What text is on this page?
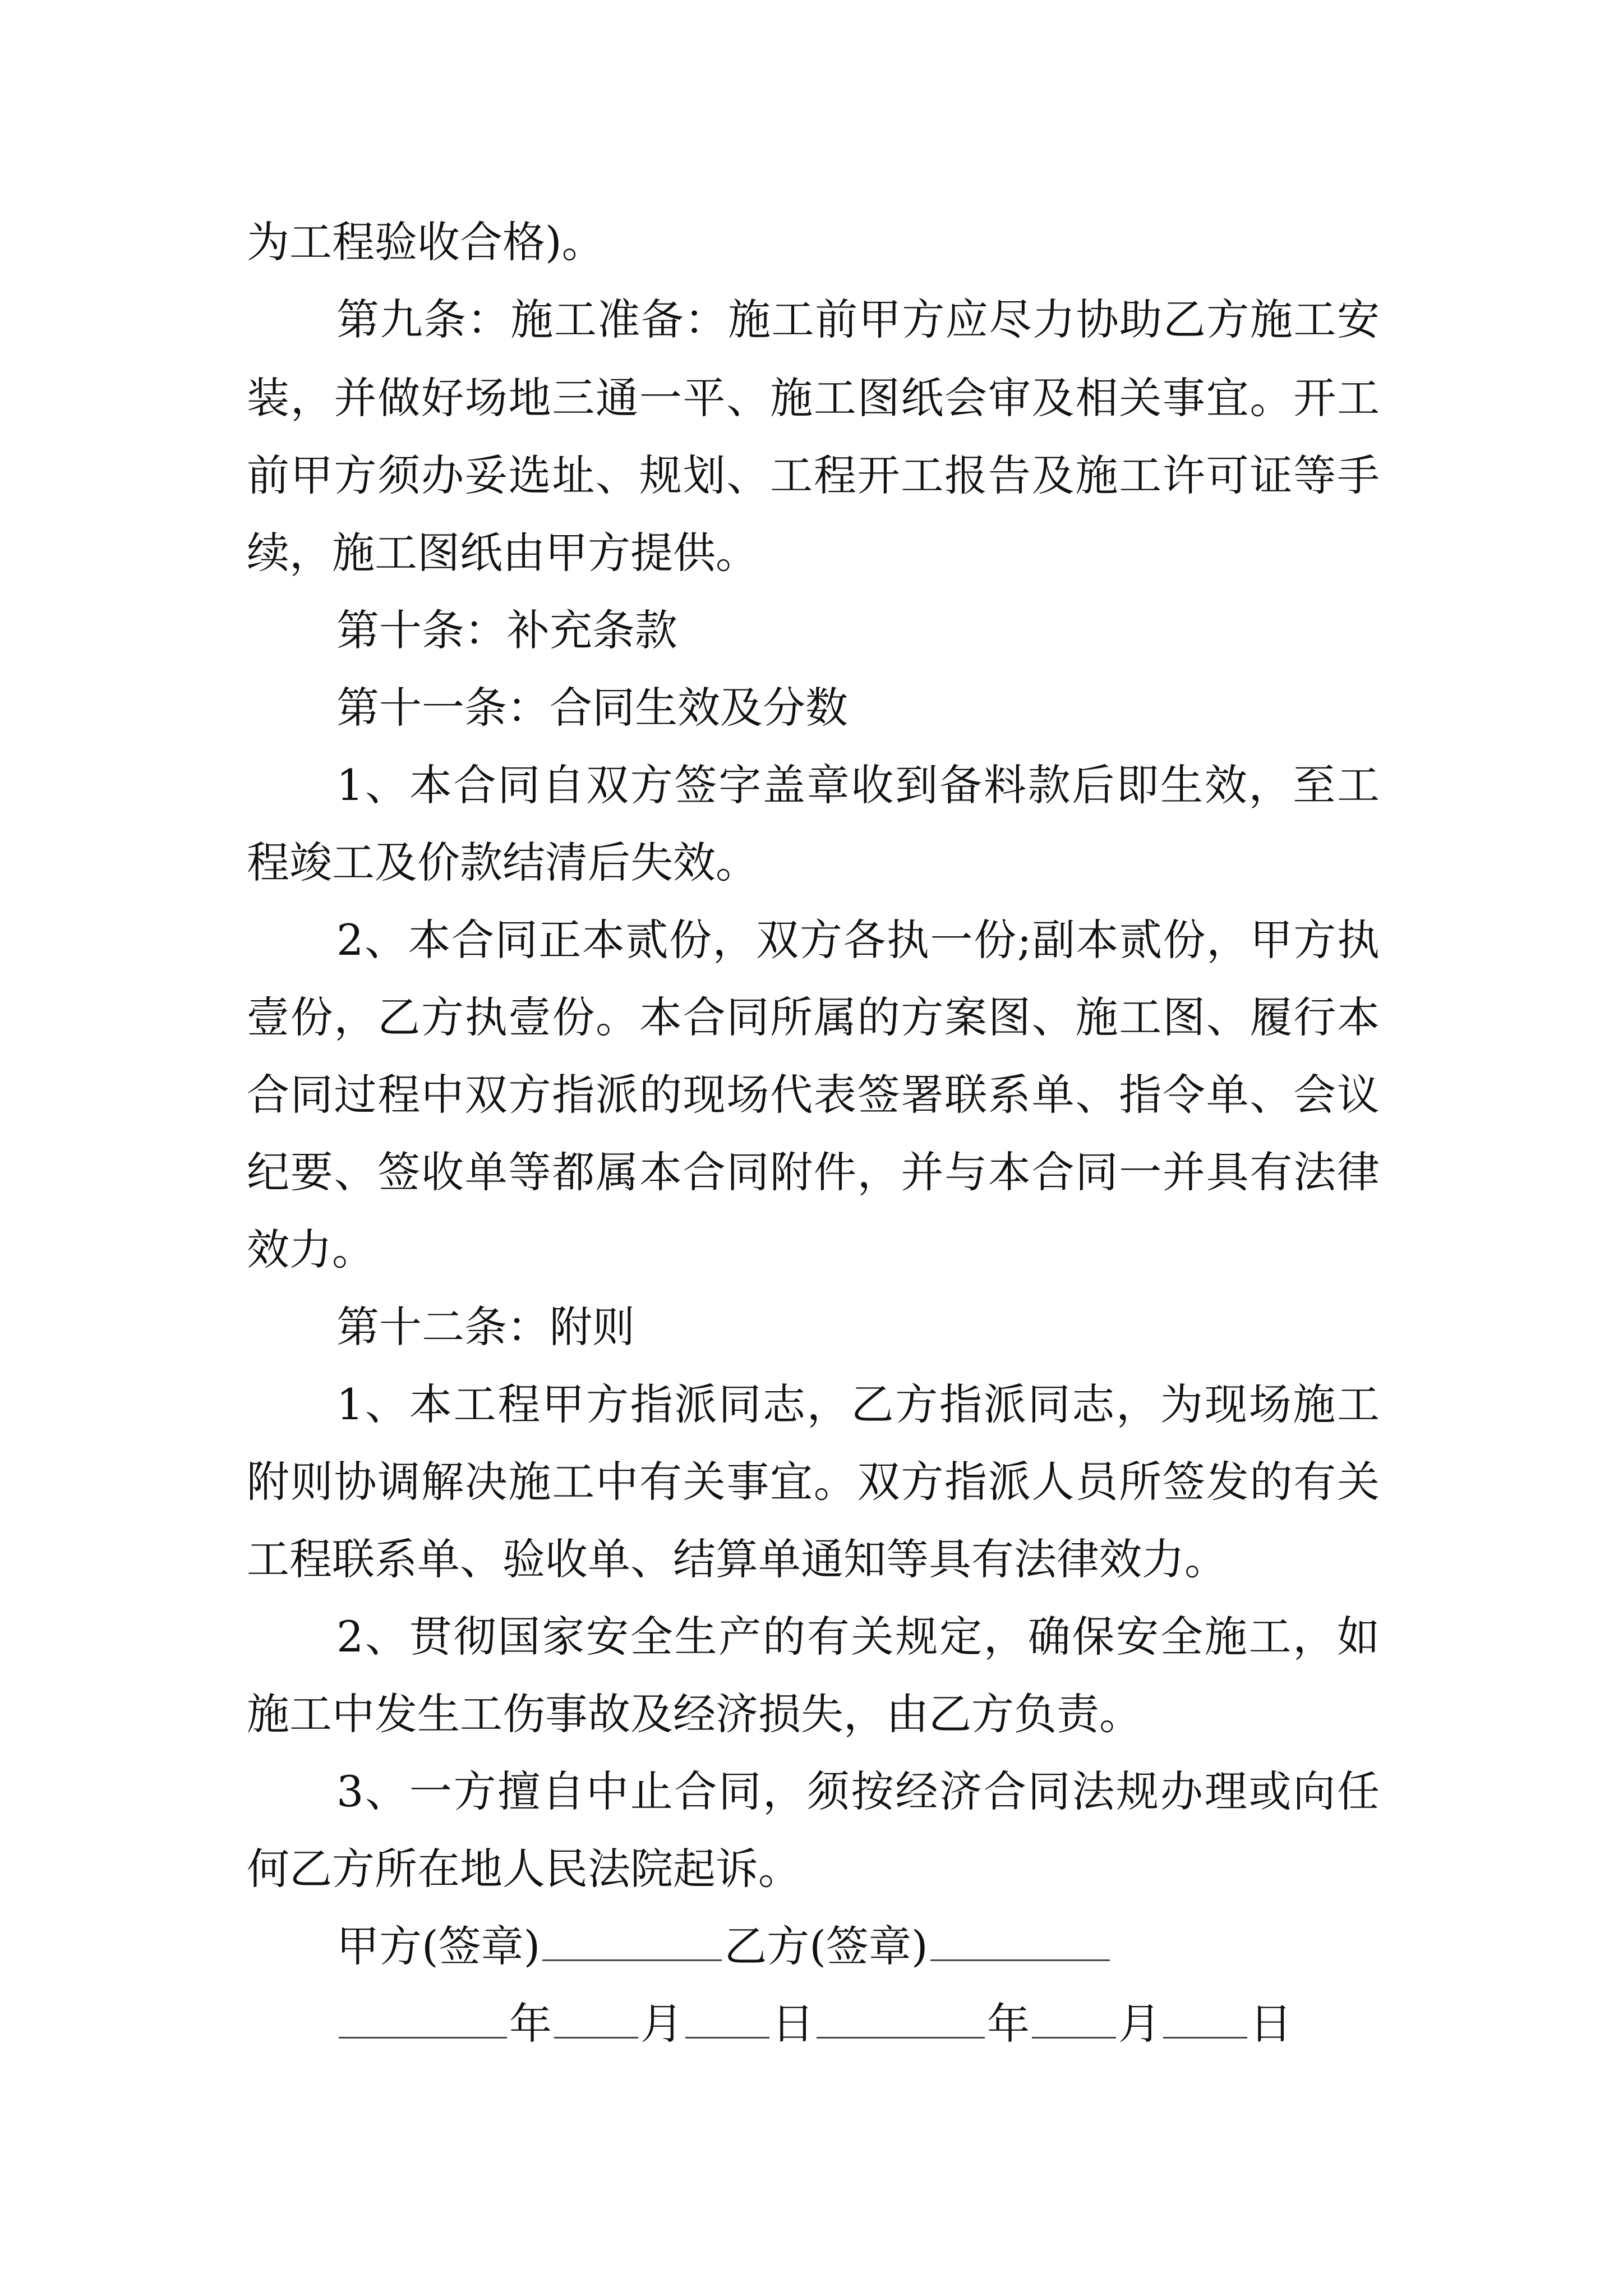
为工程验收合格)。
第九条：施工准备：施工前甲方应尽力协助乙方施工安
装，并做好场地三通一平、施工图纸会审及相关事宜。开工
前甲方须办妥选址、规划、工程开工报告及施工许可证等手
续，施工图纸由甲方提供。
第十条：补充条款
第十一条：合同生效及分数
1、本合同自双方签字盖章收到备料款后即生效，至工
程竣工及价款结清后失效。
2、本合同正本贰份，双方各执一份;副本贰份，甲方执
壹份，乙方执壹份。本合同所属的方案图、施工图、履行本
合同过程中双方指派的现场代表签署联系单、指令单、会议
纪要、签收单等都属本合同附件，并与本合同一并具有法律
效力。
第十二条：附则
1、本工程甲方指派同志，乙方指派同志，为现场施工
附则协调解决施工中有关事宜。双方指派人员所签发的有关
工程联系单、验收单、结算单通知等具有法律效力。
2、贯彻国家安全生产的有关规定，确保安全施工，如
施工中发生工伤事故及经济损失，由乙方负责。
3、一方擅自中止合同，须按经济合同法规办理或向任
何乙方所在地人民法院起诉。
甲方(签章)	乙方(签章)
年 月 日	年 月 日
